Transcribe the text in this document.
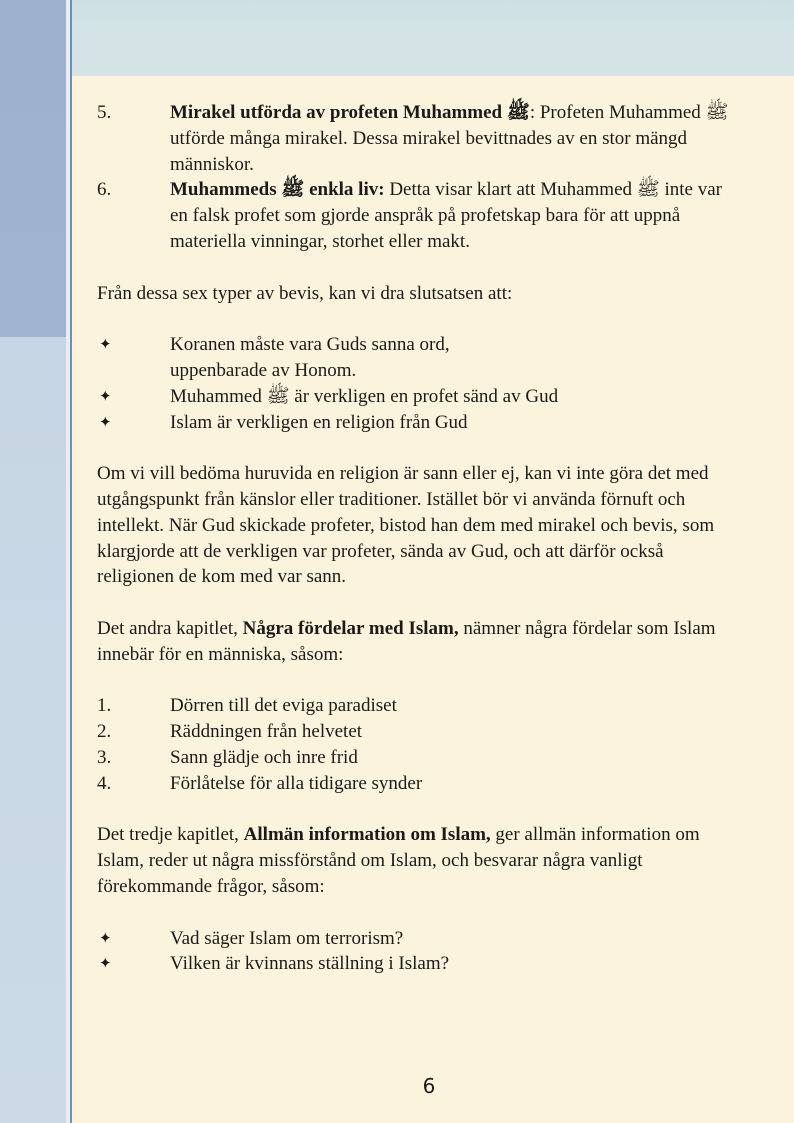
5.	Mirakel utförda av profeten Muhammed ﷺ: Profeten Muhammed ﷺ utförde många mirakel. Dessa mirakel bevittnades av en stor mängd människor.
6.	Muhammeds ﷺ enkla liv: Detta visar klart att Muhammed ﷺ inte var en falsk profet som gjorde anspråk på profetskap bara för att uppnå materiella vinningar, storhet eller makt.

Från dessa sex typer av bevis, kan vi dra slutsatsen att:

✦	Koranen måste vara Guds sanna ord,
uppenbarade av Honom.
✦	Muhammed ﷺ är verkligen en profet sänd av Gud
✦	Islam är verkligen en religion från Gud

Om vi vill bedöma huruvida en religion är sann eller ej, kan vi inte göra det med utgångspunkt från känslor eller traditioner. Istället bör vi använda förnuft och intellekt. När Gud skickade profeter, bistod han dem med mirakel och bevis, som klargjorde att de verkligen var profeter, sända av Gud, och att därför också religionen de kom med var sann.

Det andra kapitlet, Några fördelar med Islam, nämner några fördelar som Islam innebär för en människa, såsom:

1.	Dörren till det eviga paradiset
2.	Räddningen från helvetet
3.	Sann glädje och inre frid
4.	Förlåtelse för alla tidigare synder

Det tredje kapitlet, Allmän information om Islam, ger allmän information om Islam, reder ut några missförstånd om Islam, och besvarar några vanligt förekommande frågor, såsom:

✦	Vad säger Islam om terrorism?
✦	Vilken är kvinnans ställning i Islam?
6
